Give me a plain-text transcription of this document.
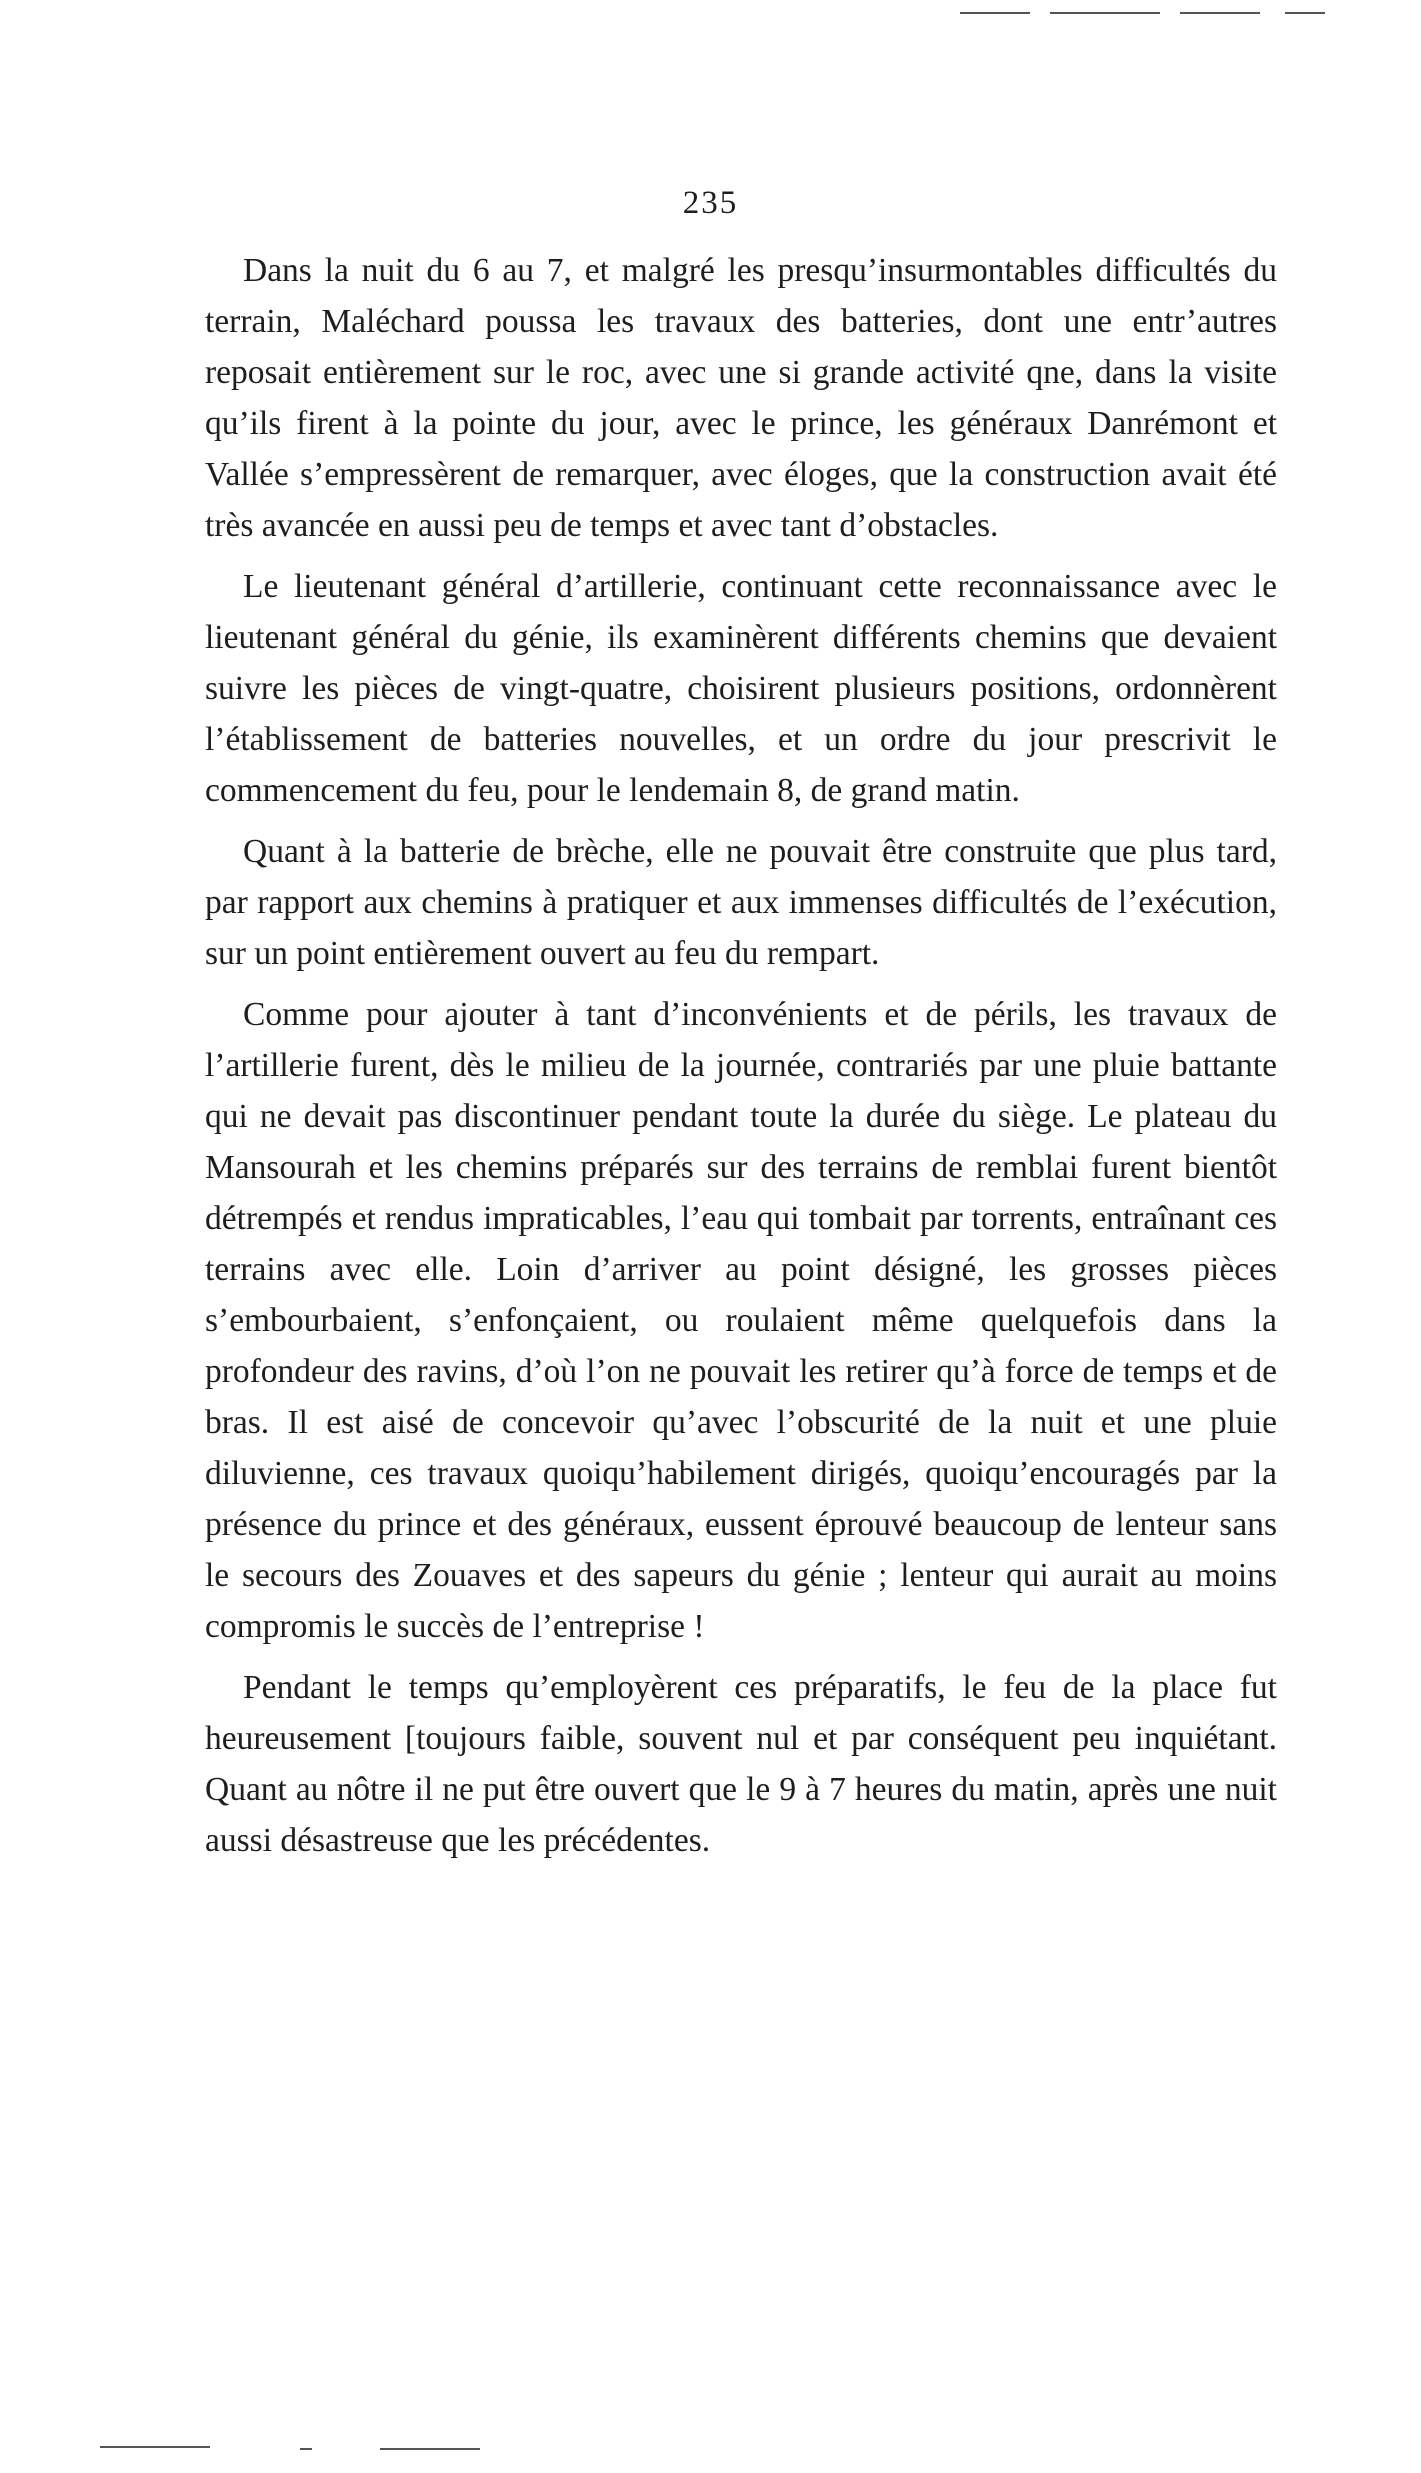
235

Dans la nuit du 6 au 7, et malgré les presqu’insurmontables difficultés du terrain, Maléchard poussa les travaux des batteries, dont une entr’autres reposait entièrement sur le roc, avec une si grande activité qne, dans la visite qu’ils firent à la pointe du jour, avec le prince, les généraux Danrémont et Vallée s’empressèrent de remarquer, avec éloges, que la construction avait été très avancée en aussi peu de temps et avec tant d’obstacles.

Le lieutenant général d’artillerie, continuant cette reconnaissance avec le lieutenant général du génie, ils examinèrent différents chemins que devaient suivre les pièces de vingt-quatre, choisirent plusieurs positions, ordonnèrent l’établissement de batteries nouvelles, et un ordre du jour prescrivit le commencement du feu, pour le lendemain 8, de grand matin.

Quant à la batterie de brèche, elle ne pouvait être construite que plus tard, par rapport aux chemins à pratiquer et aux immenses difficultés de l’exécution, sur un point entièrement ouvert au feu du rempart.

Comme pour ajouter à tant d’inconvénients et de périls, les travaux de l’artillerie furent, dès le milieu de la journée, contrariés par une pluie battante qui ne devait pas discontinuer pendant toute la durée du siège. Le plateau du Mansourah et les chemins préparés sur des terrains de remblai furent bientôt détrempés et rendus impraticables, l’eau qui tombait par torrents, entraînant ces terrains avec elle. Loin d’arriver au point désigné, les grosses pièces s’embourbaient, s’enfonçaient, ou roulaient même quelquefois dans la profondeur des ravins, d’où l’on ne pouvait les retirer qu’à force de temps et de bras. Il est aisé de concevoir qu’avec l’obscurité de la nuit et une pluie diluvienne, ces travaux quoiqu’habilement dirigés, quoiqu’encouragés par la présence du prince et des généraux, eussent éprouvé beaucoup de lenteur sans le secours des Zouaves et des sapeurs du génie ; lenteur qui aurait au moins compromis le succès de l’entreprise !

Pendant le temps qu’employèrent ces préparatifs, le feu de la place fut heureusement [toujours faible, souvent nul et par conséquent peu inquiétant. Quant au nôtre il ne put être ouvert que le 9 à 7 heures du matin, après une nuit aussi désastreuse que les précédentes.
